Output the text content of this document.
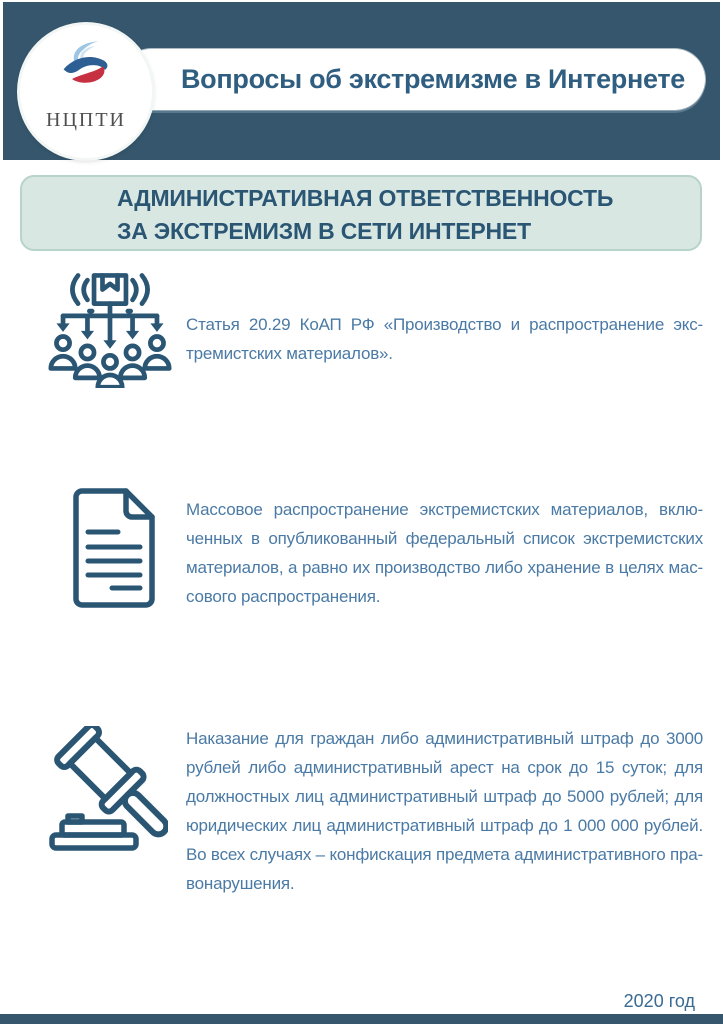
Вопросы об экстремизме в Интернете
НЦПТИ
АДМИНИСТРАТИВНАЯ ОТВЕТСТВЕННОСТЬ
ЗА ЭКСТРЕМИЗМ В СЕТИ ИНТЕРНЕТ
Статья 20.29 КоАП РФ «Производство и распространение экс-
тремистских материалов».
Массовое распространение экстремистских материалов, вклю-
ченных в опубликованный федеральный список экстремистских
материалов, а равно их производство либо хранение в целях мас-
сового распространения.
Наказание для граждан либо административный штраф до 3000
рублей либо административный арест на срок до 15 суток; для
должностных лиц административный штраф до 5000 рублей; для
юридических лиц административный штраф до 1 000 000 рублей.
Во всех случаях – конфискация предмета административного пра-
вонарушения.
2020 год
